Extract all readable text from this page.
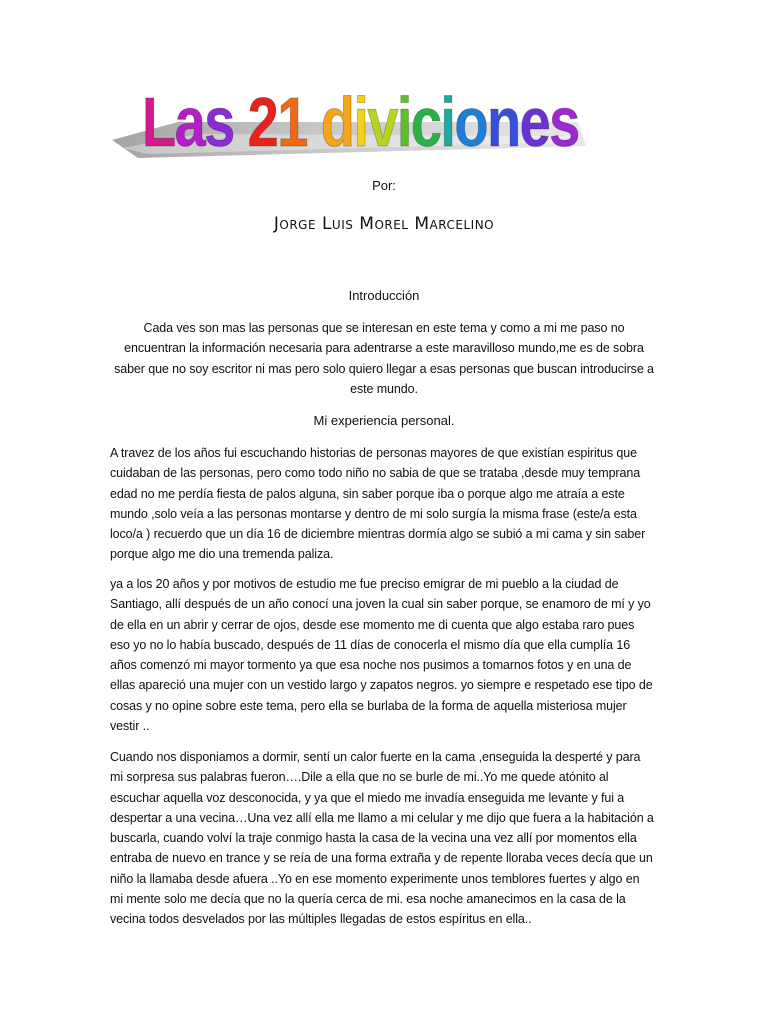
Las 21 diviciones
Por:
Jorge Luis Morel Marcelino
Introducción

Cada ves son mas las personas que se interesan en este tema y como a mi me paso no encuentran la información necesaria para adentrarse a este maravilloso mundo,me es de sobra saber que no soy escritor ni mas pero solo quiero llegar a esas personas que buscan introducirse a este mundo.

Mi experiencia personal.

A travez de los años fui escuchando historias de personas mayores de que existían espiritus que cuidaban de las personas, pero como todo niño no sabia de que se trataba ,desde muy temprana edad no me perdía fiesta de palos alguna, sin saber porque iba o porque algo me atraía a este mundo ,solo veía a las personas montarse y dentro de mi solo surgía la misma frase (este/a esta loco/a ) recuerdo que un día 16 de diciembre mientras dormía algo se subió a mi cama y sin saber porque algo me dio una tremenda paliza.

ya a los 20 años y por motivos de estudio me fue preciso emigrar de mi pueblo a la ciudad de Santiago, allí después de un año conocí una joven la cual sin saber porque, se enamoro de mí y yo de ella en un abrir y cerrar de ojos, desde ese momento me di cuenta que algo estaba raro pues eso yo no lo había buscado, después de 11 días de conocerla el mismo día que ella cumplía 16 años comenzó mi mayor tormento ya que esa noche nos pusimos a tomarnos fotos y en una de ellas apareció una mujer con un vestido largo y zapatos negros. yo siempre e respetado ese tipo de cosas y no opine sobre este tema, pero ella se burlaba de la forma de aquella misteriosa mujer vestir ..

Cuando nos disponiamos a dormir, sentí un calor fuerte en la cama ,enseguida la desperté y para mi sorpresa sus palabras fueron….Dile a ella que no se burle de mi..Yo me quede atónito al escuchar aquella voz desconocida, y ya que el miedo me invadía enseguida me levante y fui a despertar a una vecina…Una vez allí ella me llamo a mi celular y me dijo que fuera a la habitación a buscarla, cuando volví la traje conmigo hasta la casa de la vecina una vez allí por momentos ella entraba de nuevo en trance y se reía de una forma extraña y de repente lloraba veces decía que un niño la llamaba desde afuera ..Yo en ese momento experimente unos temblores fuertes y algo en mi mente solo me decía que no la quería cerca de mi. esa noche amanecimos en la casa de la vecina todos desvelados por las múltiples llegadas de estos espíritus en ella..
